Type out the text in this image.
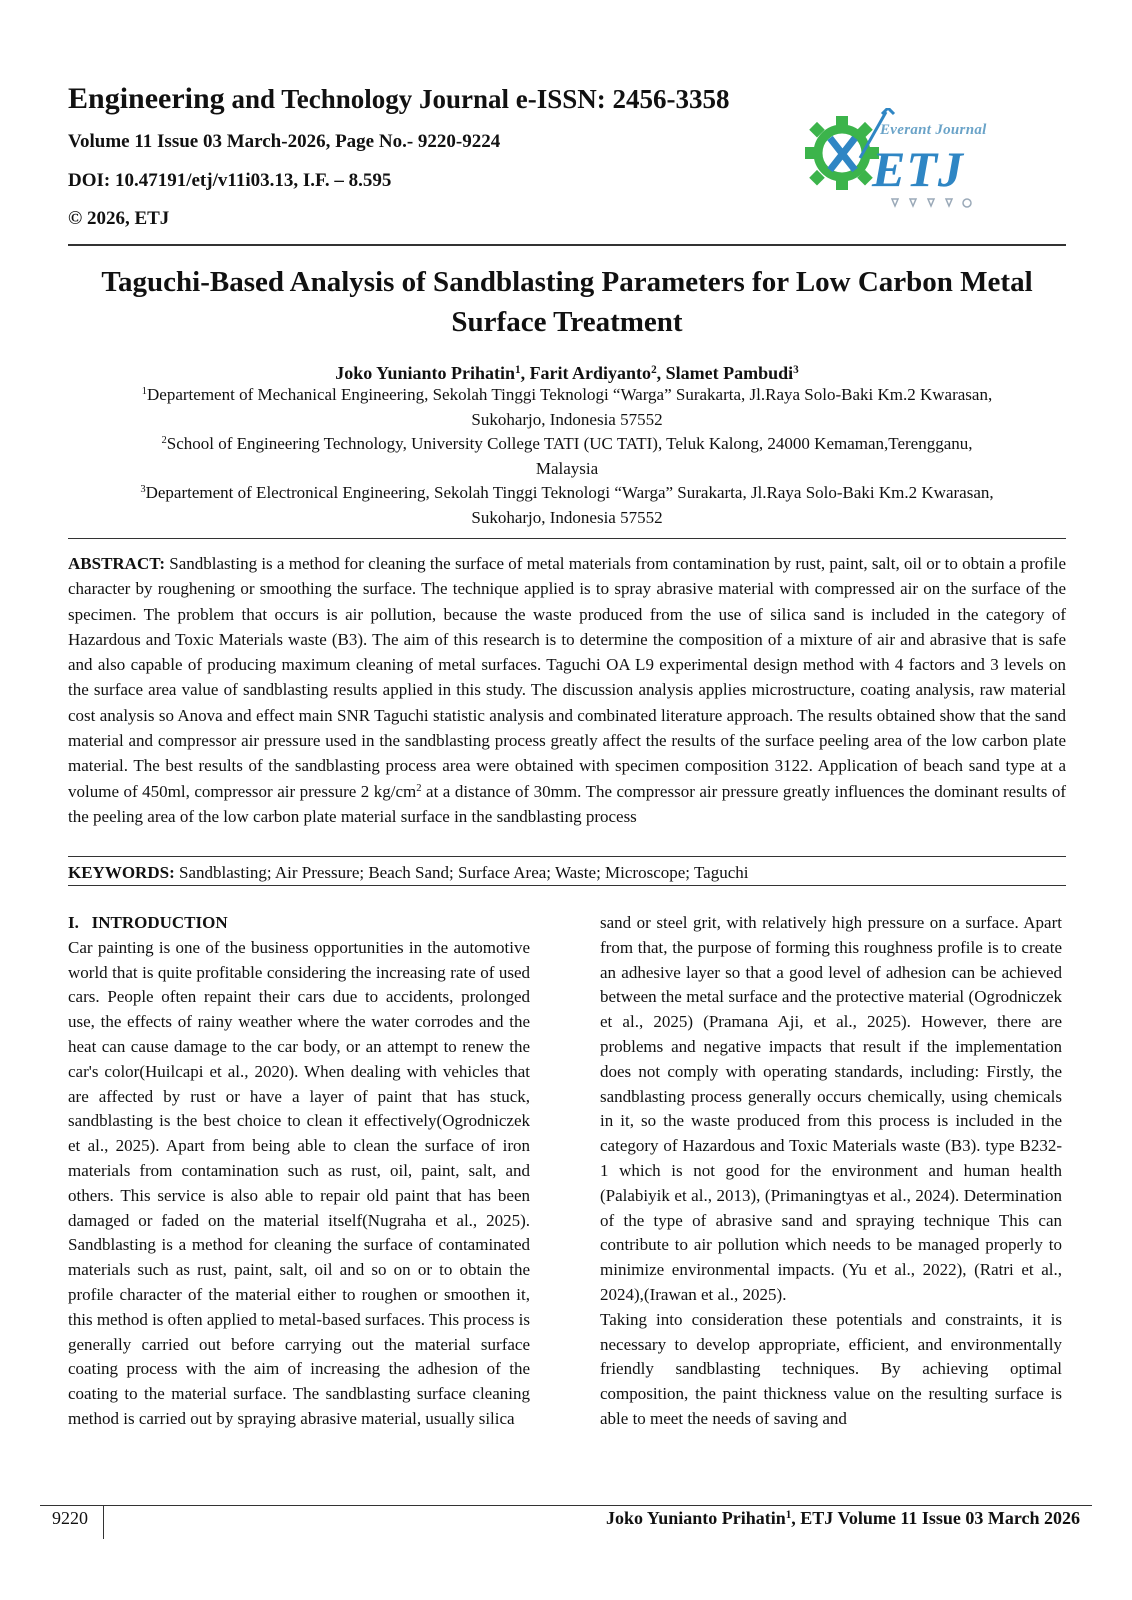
Engineering and Technology Journal e-ISSN: 2456-3358
Volume 11 Issue 03 March-2026, Page No.- 9220-9224
DOI: 10.47191/etj/v11i03.13, I.F. – 8.595
© 2026, ETJ
Everant Journal
ETJ
Taguchi-Based Analysis of Sandblasting Parameters for Low Carbon Metal
Surface Treatment
Joko Yunianto Prihatin$^1$, Farit Ardiyanto$^2$, Slamet Pambudi$^3$
$^1$Departement of Mechanical Engineering, Sekolah Tinggi Teknologi “Warga” Surakarta, Jl.Raya Solo-Baki Km.2 Kwarasan,
Sukoharjo, Indonesia 57552
$^2$School of Engineering Technology, University College TATI (UC TATI), Teluk Kalong, 24000 Kemaman,Terengganu,
Malaysia
$^3$Departement of Electronical Engineering, Sekolah Tinggi Teknologi “Warga” Surakarta, Jl.Raya Solo-Baki Km.2 Kwarasan,
Sukoharjo, Indonesia 57552
ABSTRACT: Sandblasting is a method for cleaning the surface of metal materials from contamination by rust, paint, salt, oil or to obtain a profile character by roughening or smoothing the surface. The technique applied is to spray abrasive material with compressed air on the surface of the specimen. The problem that occurs is air pollution, because the waste produced from the use of silica sand is included in the category of Hazardous and Toxic Materials waste (B3). The aim of this research is to determine the composition of a mixture of air and abrasive that is safe and also capable of producing maximum cleaning of metal surfaces. Taguchi OA L9 experimental design method with 4 factors and 3 levels on the surface area value of sandblasting results applied in this study. The discussion analysis applies microstructure, coating analysis, raw material cost analysis so Anova and effect main SNR Taguchi statistic analysis and combinated literature approach. The results obtained show that the sand material and compressor air pressure used in the sandblasting process greatly affect the results of the surface peeling area of the low carbon plate material. The best results of the sandblasting process area were obtained with specimen composition 3122. Application of beach sand type at a volume of 450ml, compressor air pressure 2 $kg/cm^2$ at a distance of 30mm. The compressor air pressure greatly influences the dominant results of the peeling area of the low carbon plate material surface in the sandblasting process
KEYWORDS: Sandblasting; Air Pressure; Beach Sand; Surface Area; Waste; Microscope; Taguchi
I. INTRODUCTION

Car painting is one of the business opportunities in the automotive world that is quite profitable considering the increasing rate of used cars. People often repaint their cars due to accidents, prolonged use, the effects of rainy weather where the water corrodes and the heat can cause damage to the car body, or an attempt to renew the car's color(Huilcapi et al., 2020). When dealing with vehicles that are affected by rust or have a layer of paint that has stuck, sandblasting is the best choice to clean it effectively(Ogrodniczek et al., 2025). Apart from being able to clean the surface of iron materials from contamination such as rust, oil, paint, salt, and others. This service is also able to repair old paint that has been damaged or faded on the material itself(Nugraha et al., 2025). Sandblasting is a method for cleaning the surface of contaminated materials such as rust, paint, salt, oil and so on or to obtain the profile character of the material either to roughen or smoothen it, this method is often applied to metal-based surfaces. This process is generally carried out before carrying out the material surface coating process with the aim of increasing the adhesion of the coating to the material surface. The sandblasting surface cleaning method is carried out by spraying abrasive material, usually silica

sand or steel grit, with relatively high pressure on a surface. Apart from that, the purpose of forming this roughness profile is to create an adhesive layer so that a good level of adhesion can be achieved between the metal surface and the protective material (Ogrodniczek et al., 2025) (Pramana Aji, et al., 2025). However, there are problems and negative impacts that result if the implementation does not comply with operating standards, including: Firstly, the sandblasting process generally occurs chemically, using chemicals in it, so the waste produced from this process is included in the category of Hazardous and Toxic Materials waste (B3). type B232-1 which is not good for the environment and human health (Palabiyik et al., 2013), (Primaningtyas et al., 2024). Determination of the type of abrasive sand and spraying technique This can contribute to air pollution which needs to be managed properly to minimize environmental impacts. (Yu et al., 2022), (Ratri et al., 2024),(Irawan et al., 2025).

Taking into consideration these potentials and constraints, it is necessary to develop appropriate, efficient, and environmentally friendly sandblasting techniques. By achieving optimal composition, the paint thickness value on the resulting surface is able to meet the needs of saving and

9220	Joko Yunianto Prihatin$^1$, ETJ Volume 11 Issue 03 March 2026
